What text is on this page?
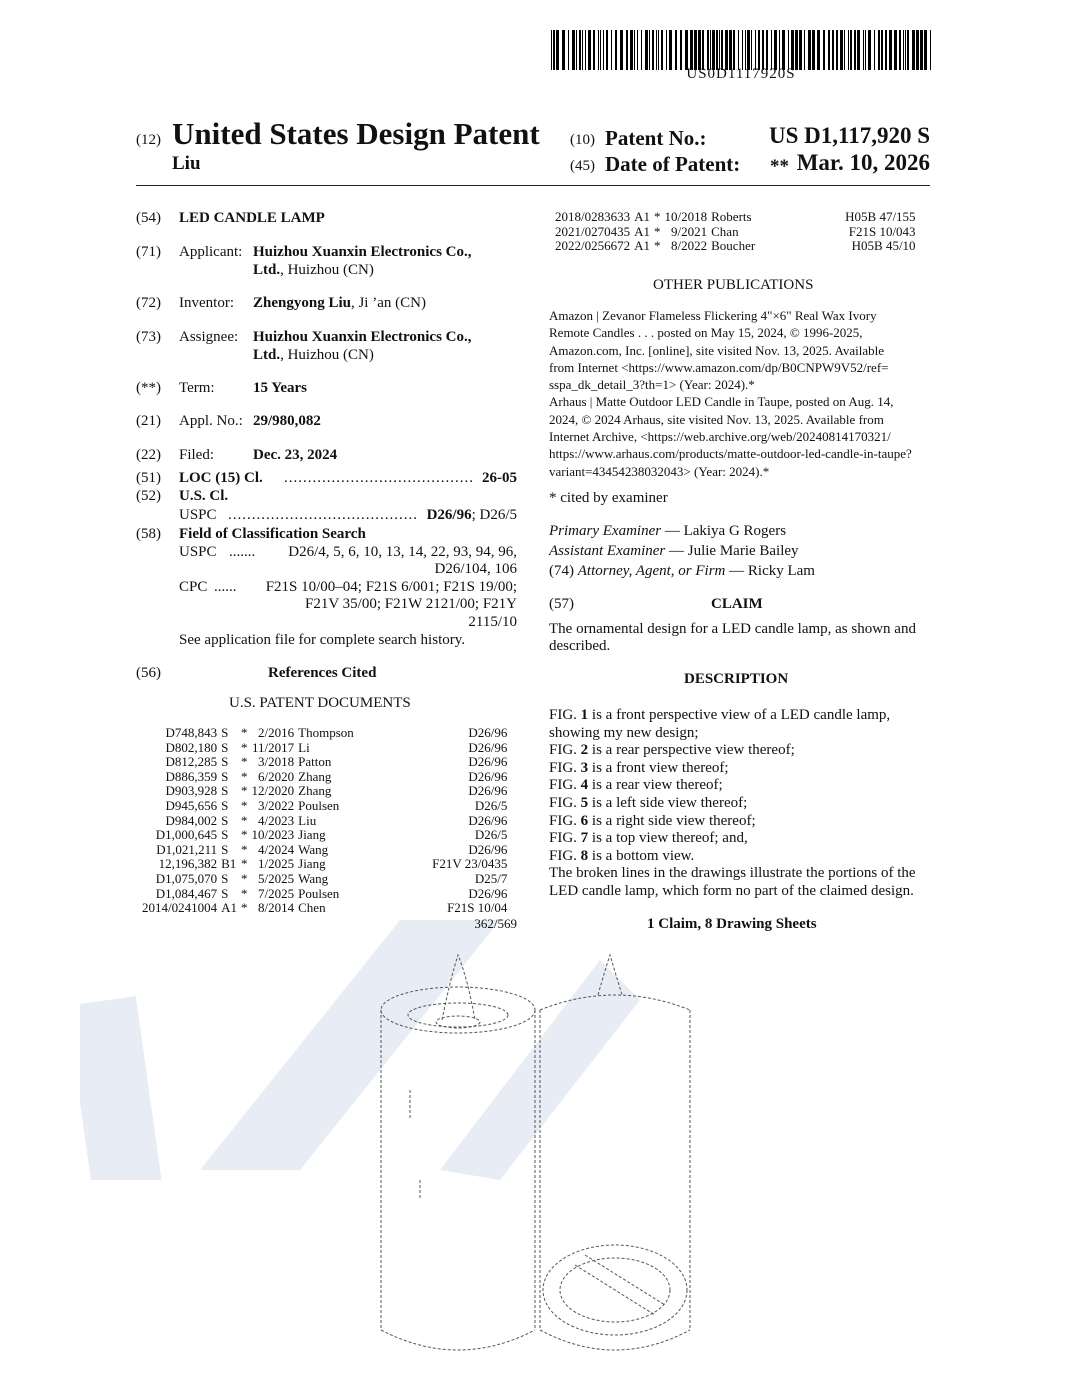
US0D1117920S
(12) United States Design Patent
Liu
(10) Patent No.:	US D1,117,920 S
(45) Date of Patent: ** Mar. 10, 2026
(54) LED CANDLE LAMP
(71) Applicant: Huizhou Xuanxin Electronics Co.,
Ltd., Huizhou (CN)
(72) Inventor: Zhengyong Liu, Ji ’an (CN)
(73) Assignee: Huizhou Xuanxin Electronics Co.,
Ltd., Huizhou (CN)
(**) Term:	15 Years
(21) Appl. No.: 29/980,082
(22) Filed:	Dec. 23, 2024
(51) LOC (15) Cl. .....	26-05
(52) U.S. Cl.
USPC .....	D26/96; D26/5
(58) Field of Classification Search
USPC ....... D26/4, 5, 6, 10, 13, 14, 22, 93, 94, 96,
D26/104, 106
CPC ...... F21S 10/00–04; F21S 6/001; F21S 19/00;
F21V 35/00; F21W 2121/00; F21Y
2115/10
See application file for complete search history.
(56)	References Cited
U.S. PATENT DOCUMENTS
D748,843	S	*	2/2016	Thompson	D26/96
D802,180	S	*	11/2017	Li	D26/96
D812,285	S	*	3/2018	Patton	D26/96
D886,359	S	*	6/2020	Zhang	D26/96
D903,928	S	*	12/2020	Zhang	D26/96
D945,656	S	*	3/2022	Poulsen	D26/5
D984,002	S	*	4/2023	Liu	D26/96
D1,000,645	S	*	10/2023	Jiang	D26/5
D1,021,211	S	*	4/2024	Wang	D26/96
12,196,382	B1	*	1/2025	Jiang	F21V 23/0435
D1,075,070	S	*	5/2025	Wang	D25/7
D1,084,467	S	*	7/2025	Poulsen	D26/96
2014/0241004	A1	*	8/2014	Chen	F21S 10/04
362/569
2018/0283633	A1	*	10/2018	Roberts	H05B 47/155
2021/0270435	A1	*	9/2021	Chan	F21S 10/043
2022/0256672	A1	*	8/2022	Boucher	H05B 45/10
OTHER PUBLICATIONS
Amazon | Zevanor Flameless Flickering 4"×6" Real Wax Ivory
Remote Candles . . . posted on May 15, 2024, © 1996-2025,
Amazon.com, Inc. [online], site visited Nov. 13, 2025. Available
from Internet <https://www.amazon.com/dp/B0CNPW9V52/ref=
sspa_dk_detail_3?th=1> (Year: 2024).*
Arhaus | Matte Outdoor LED Candle in Taupe, posted on Aug. 14,
2024, © 2024 Arhaus, site visited Nov. 13, 2025. Available from
Internet Archive, <https://web.archive.org/web/20240814170321/
https://www.arhaus.com/products/matte-outdoor-led-candle-in-taupe?
variant=43454238032043> (Year: 2024).*
* cited by examiner
Primary Examiner — Lakiya G Rogers
Assistant Examiner — Julie Marie Bailey
(74) Attorney, Agent, or Firm — Ricky Lam
(57)	CLAIM
The ornamental design for a LED candle lamp, as shown and
described.
DESCRIPTION
FIG. 1 is a front perspective view of a LED candle lamp,
showing my new design;
FIG. 2 is a rear perspective view thereof;
FIG. 3 is a front view thereof;
FIG. 4 is a rear view thereof;
FIG. 5 is a left side view thereof;
FIG. 6 is a right side view thereof;
FIG. 7 is a top view thereof; and,
FIG. 8 is a bottom view.
The broken lines in the drawings illustrate the portions of the
LED candle lamp, which form no part of the claimed design.
1 Claim, 8 Drawing Sheets
